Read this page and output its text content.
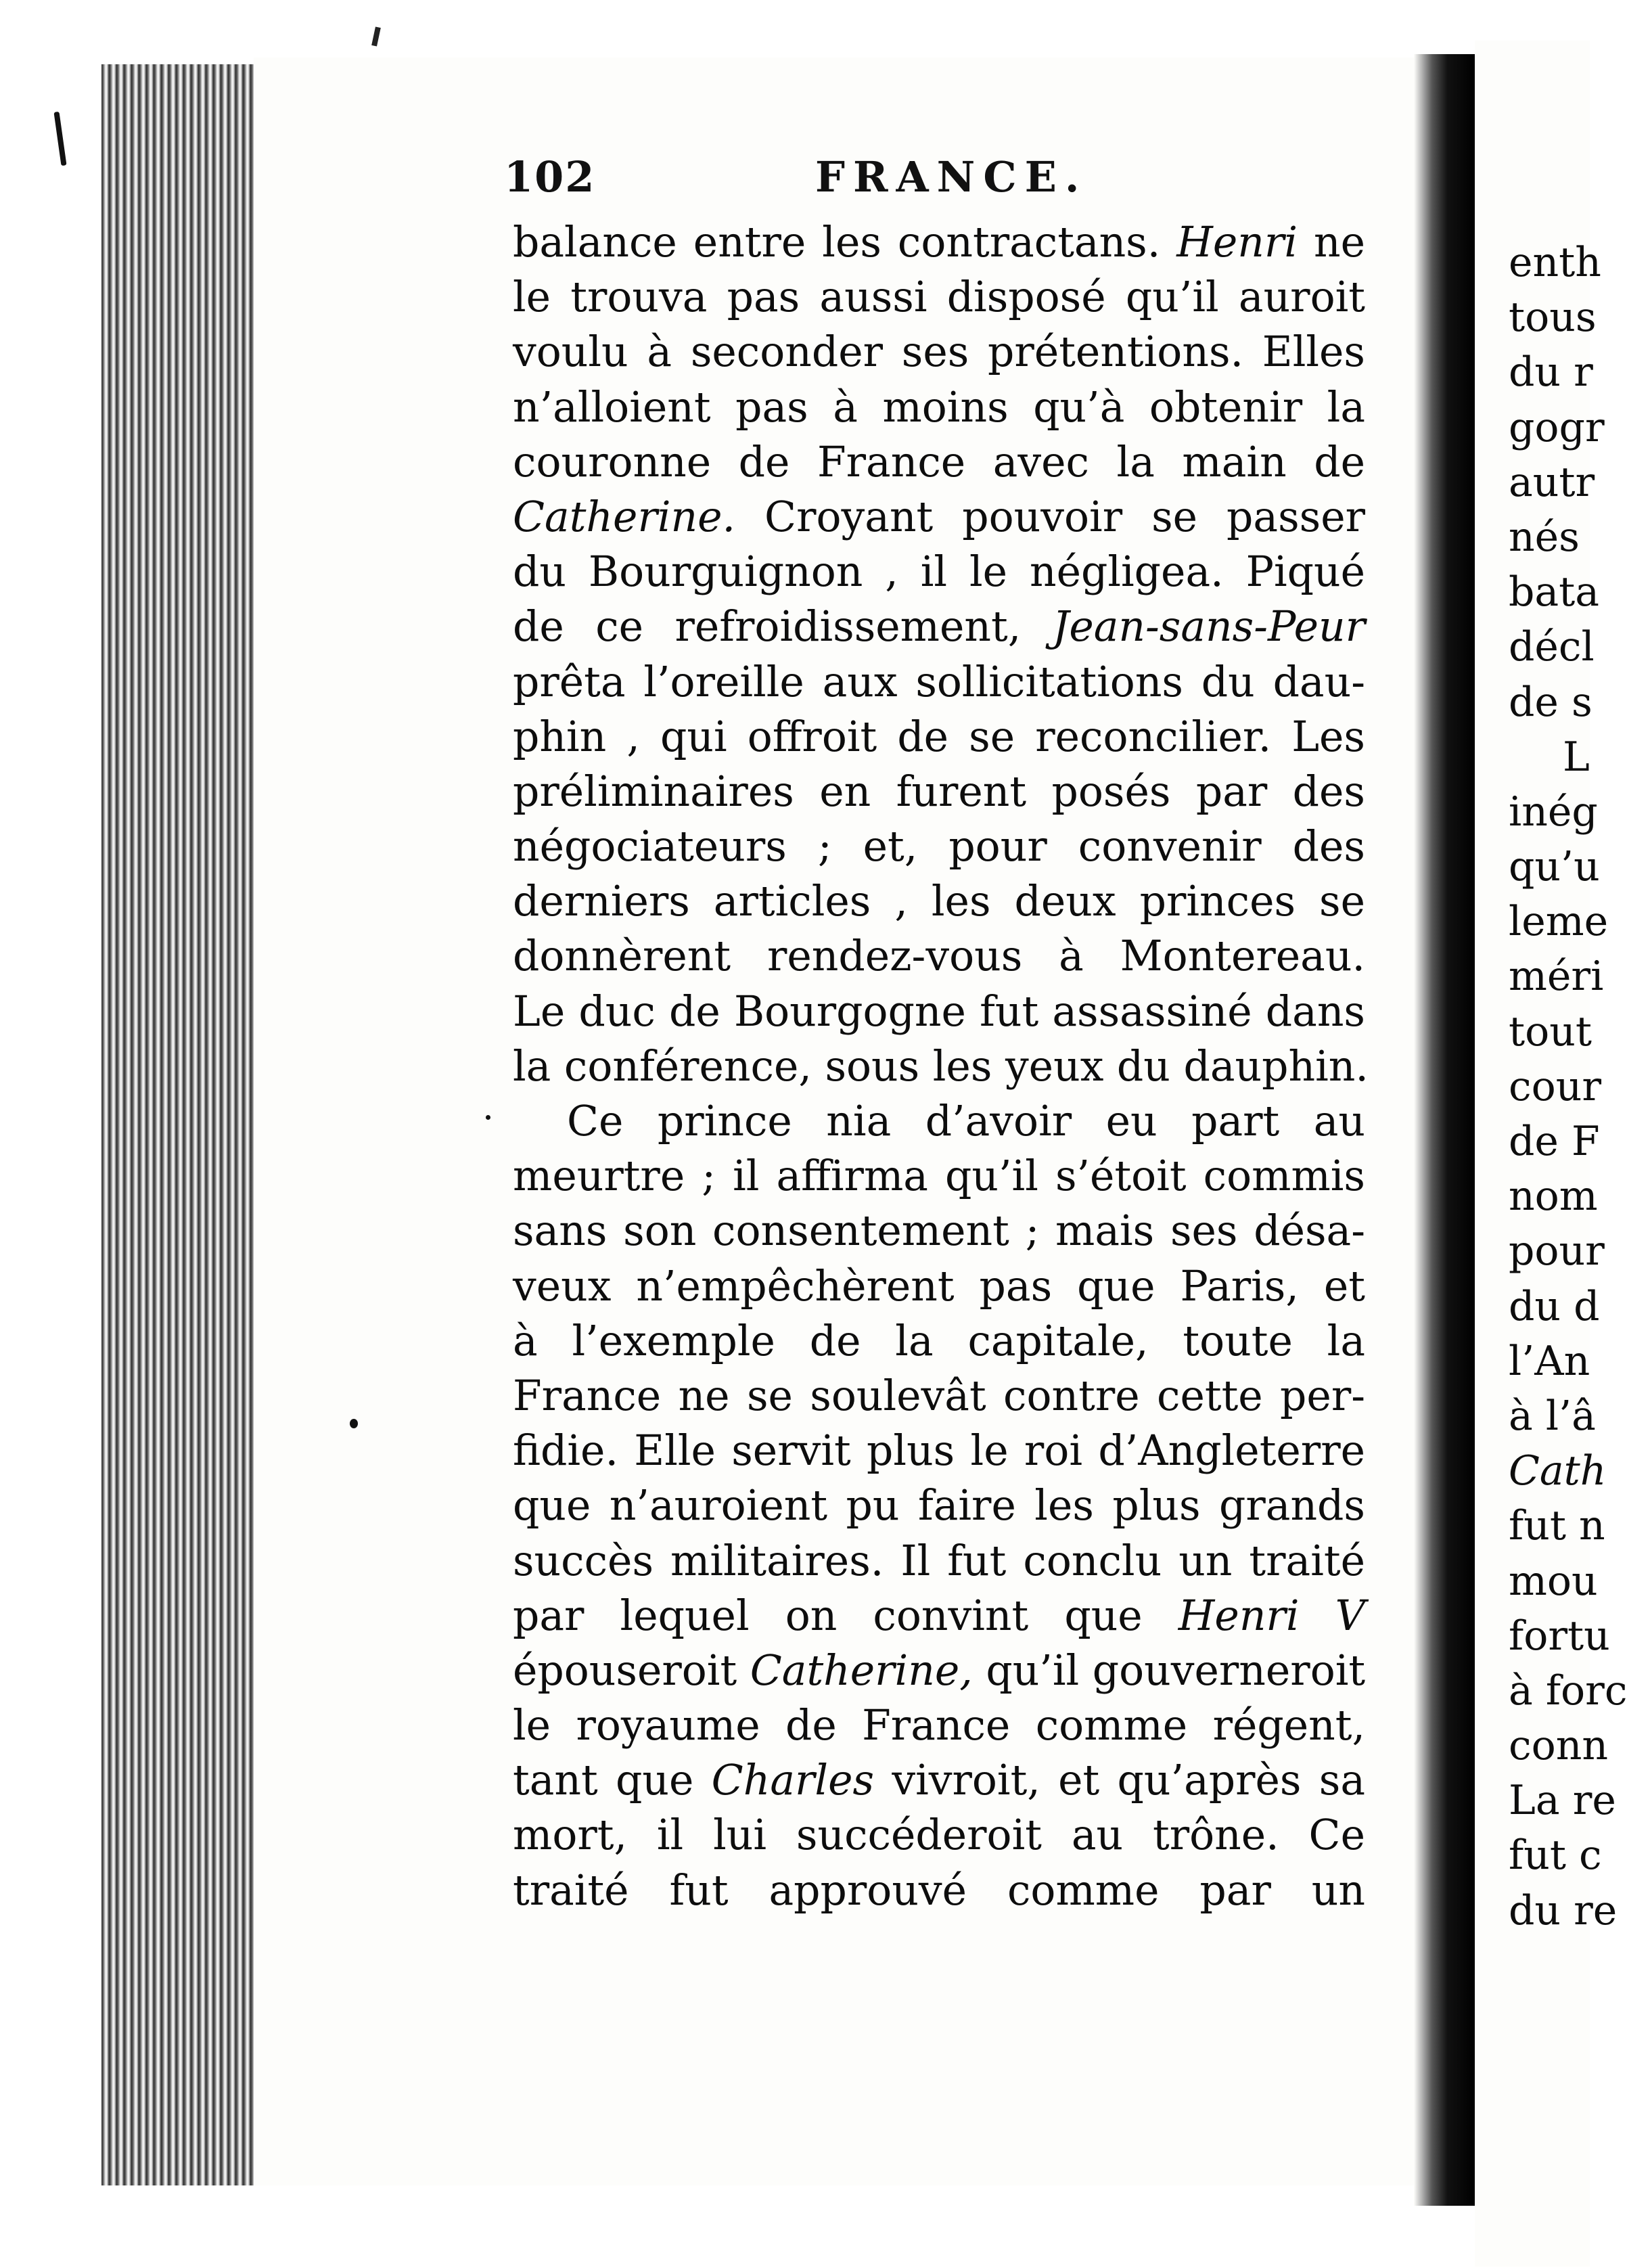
102	FRANCE.
balance entre les contractans. Henri ne
le trouva pas aussi disposé qu’il auroit
voulu à seconder ses prétentions. Elles
n’alloient pas à moins qu’à obtenir la
couronne de France avec la main de
Catherine. Croyant pouvoir se passer
du Bourguignon , il le négligea. Piqué
de ce refroidissement, Jean-sans-Peur
prêta l’oreille aux sollicitations du dau-
phin , qui offroit de se reconcilier. Les
préliminaires en furent posés par des
négociateurs ; et, pour convenir des
derniers articles , les deux princes se
donnèrent rendez-vous à Montereau.
Le duc de Bourgogne fut assassiné dans
la conférence, sous les yeux du dauphin.
Ce prince nia d’avoir eu part au
meurtre ; il affirma qu’il s’étoit commis
sans son consentement ; mais ses désa-
veux n’empêchèrent pas que Paris, et
à l’exemple de la capitale, toute la
France ne se soulevât contre cette per-
fidie. Elle servit plus le roi d’Angleterre
que n’auroient pu faire les plus grands
succès militaires. Il fut conclu un traité
par lequel on convint que Henri V
épouseroit Catherine, qu’il gouverneroit
le royaume de France comme régent,
tant que Charles vivroit, et qu’après sa
mort, il lui succéderoit au trône. Ce
traité fut approuvé comme par un
enth
tous
du r
gogr
autr
nés
bata
décl
de s
L
inég
qu’u
leme
méri
tout
cour
de F
nom
pour
du d
l’An
à l’â
Cath
fut n
mou
fortu
à forc
conn
La re
fut c
du re
